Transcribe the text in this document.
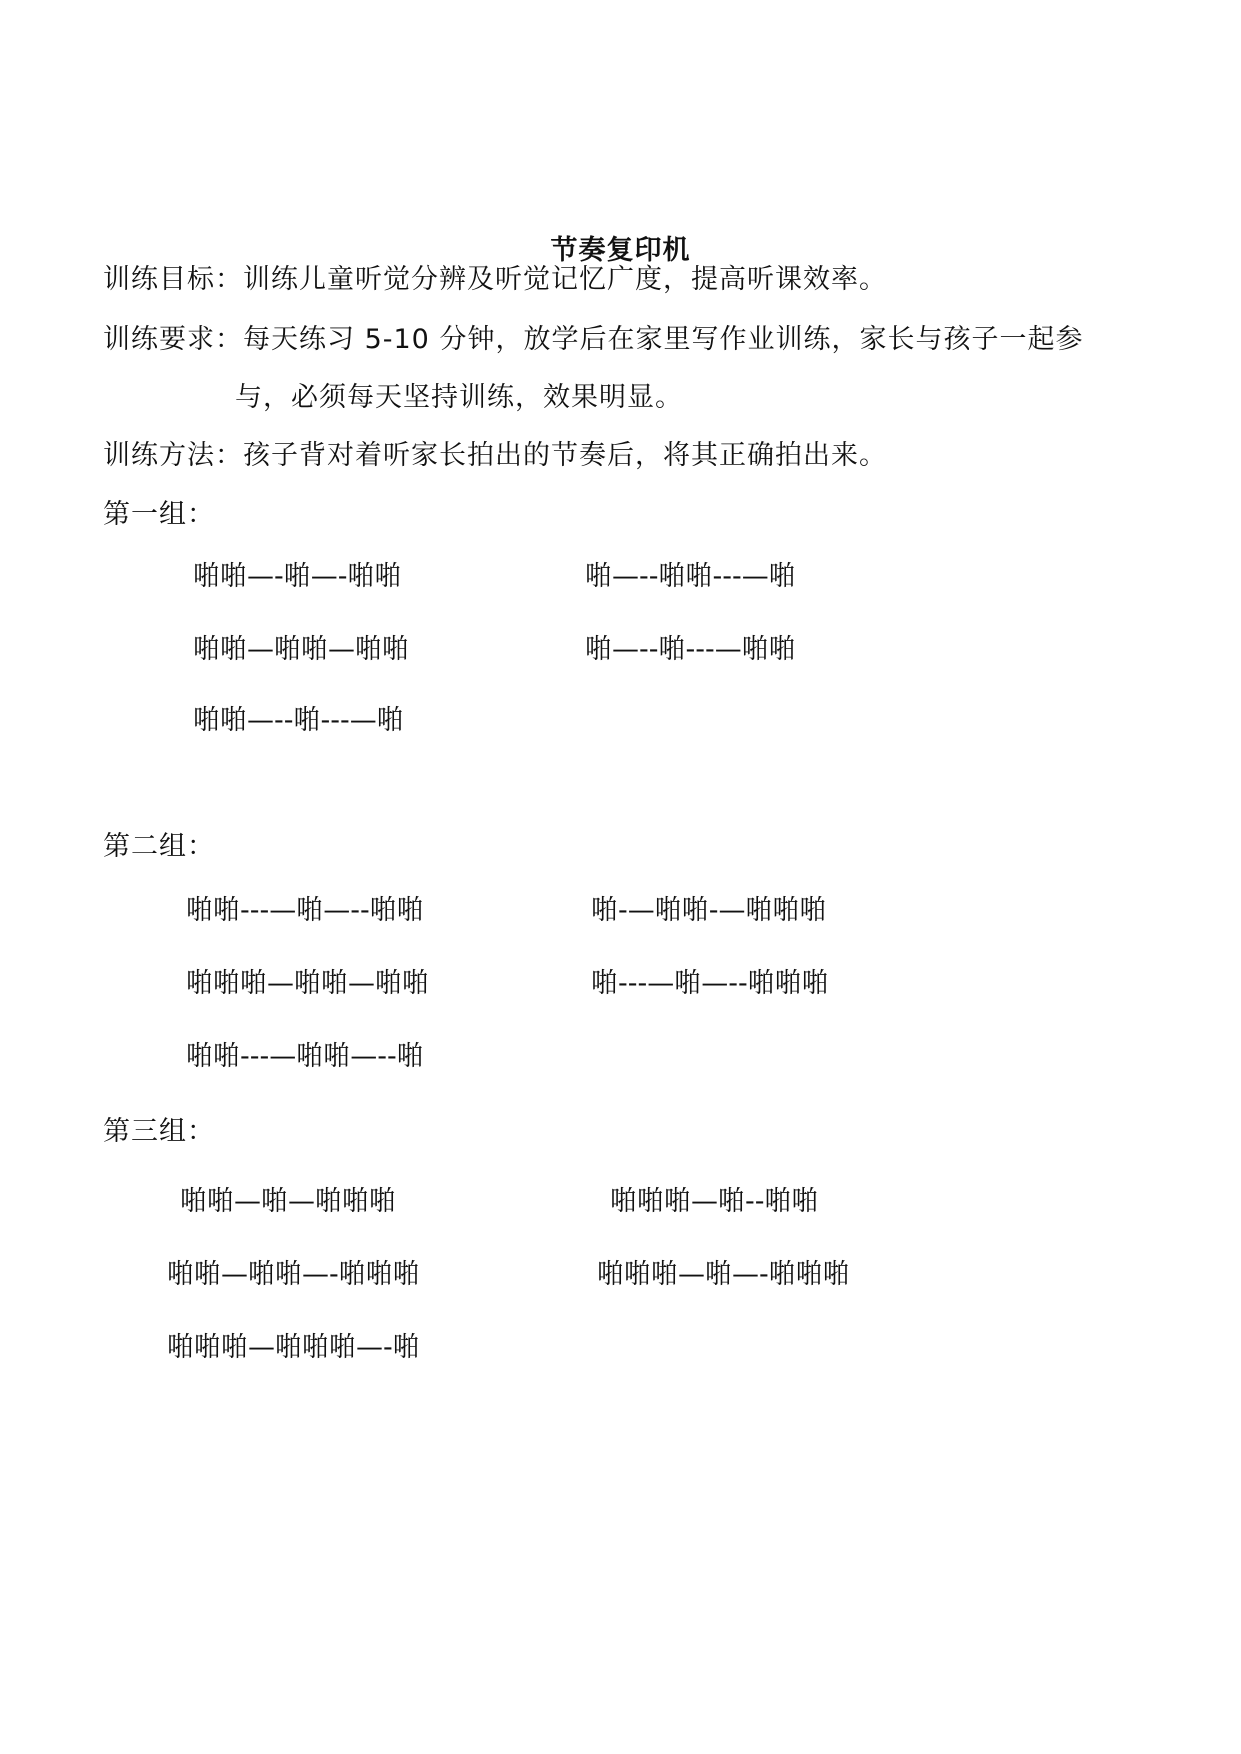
节奏复印机
训练目标：训练儿童听觉分辨及听觉记忆广度，提高听课效率。
训练要求：每天练习 5-10 分钟，放学后在家里写作业训练，家长与孩子一起参
与，必须每天坚持训练，效果明显。
训练方法：孩子背对着听家长拍出的节奏后，将其正确拍出来。
第一组：
啪啪—-啪—-啪啪	啪—--啪啪---—啪
啪啪—啪啪—啪啪	啪—--啪---—啪啪
啪啪—--啪---—啪
第二组：
啪啪---—啪—--啪啪	啪-—啪啪-—啪啪啪
啪啪啪—啪啪—啪啪	啪---—啪—--啪啪啪
啪啪---—啪啪—--啪
第三组：
啪啪—啪—啪啪啪	啪啪啪—啪--啪啪
啪啪—啪啪—-啪啪啪	啪啪啪—啪—-啪啪啪
啪啪啪—啪啪啪—-啪
